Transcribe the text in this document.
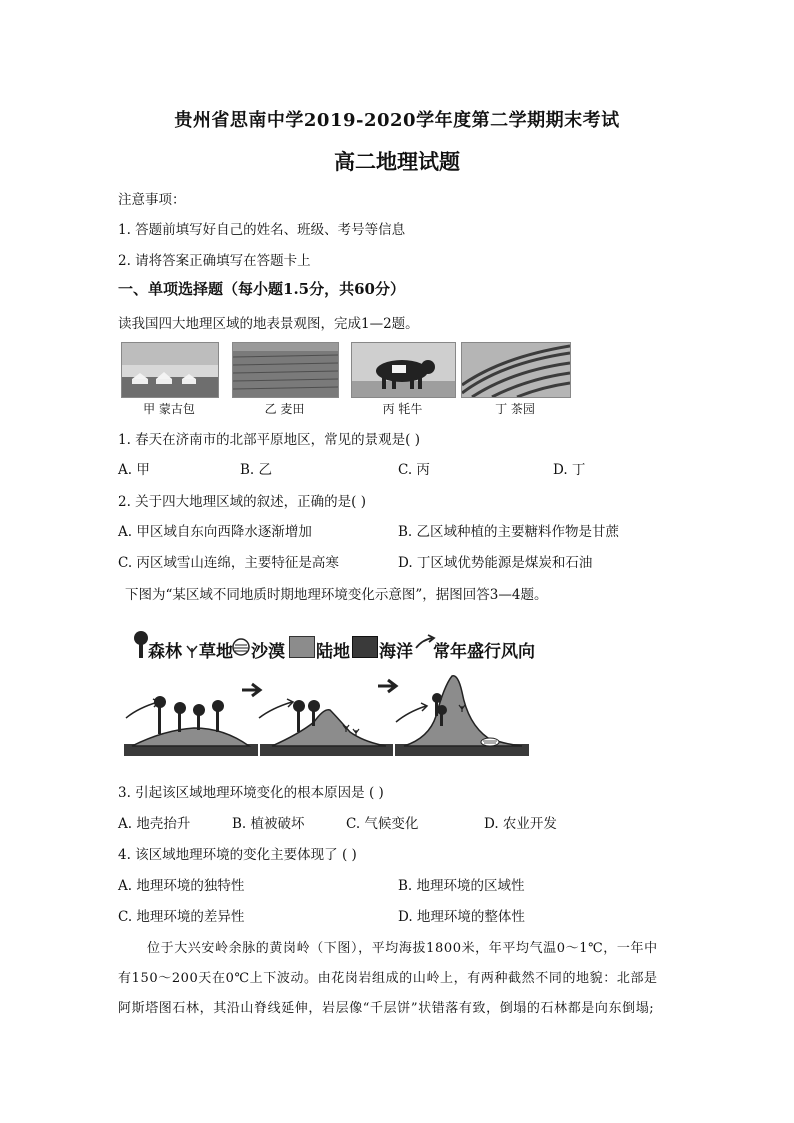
贵州省思南中学2019-2020学年度第二学期期末考试
高二地理试题
注意事项：
1. 答题前填写好自己的姓名、班级、考号等信息
2. 请将答案正确填写在答题卡上
一、单项选择题（每小题1.5分，共60分）
读我国四大地理区域的地表景观图，完成1—2题。
甲 蒙古包	乙 麦田	丙 牦牛	丁 茶园
1. 春天在济南市的北部平原地区，常见的景观是( )
A. 甲	B. 乙	C. 丙	D. 丁
2. 关于四大地理区域的叙述，正确的是( )
A. 甲区域自东向西降水逐渐增加	B. 乙区域种植的主要糖料作物是甘蔗
C. 丙区域雪山连绵，主要特征是高寒	D. 丁区域优势能源是煤炭和石油
下图为“某区域不同地质时期地理环境变化示意图”，据图回答3—4题。
森林 草地 沙漠 陆地 海洋 常年盛行风向
3. 引起该区域地理环境变化的根本原因是 ( )
A. 地壳抬升	B. 植被破坏	C. 气候变化	D. 农业开发
4. 该区域地理环境的变化主要体现了 ( )
A. 地理环境的独特性	B. 地理环境的区域性
C. 地理环境的差异性	D. 地理环境的整体性
位于大兴安岭余脉的黄岗岭（下图），平均海拔1800米，年平均气温0～1℃，一年中
有150～200天在0℃上下波动。由花岗岩组成的山岭上，有两种截然不同的地貌：北部是
阿斯塔图石林，其沿山脊线延伸，岩层像“千层饼”状错落有致，倒塌的石林都是向东倒塌;
